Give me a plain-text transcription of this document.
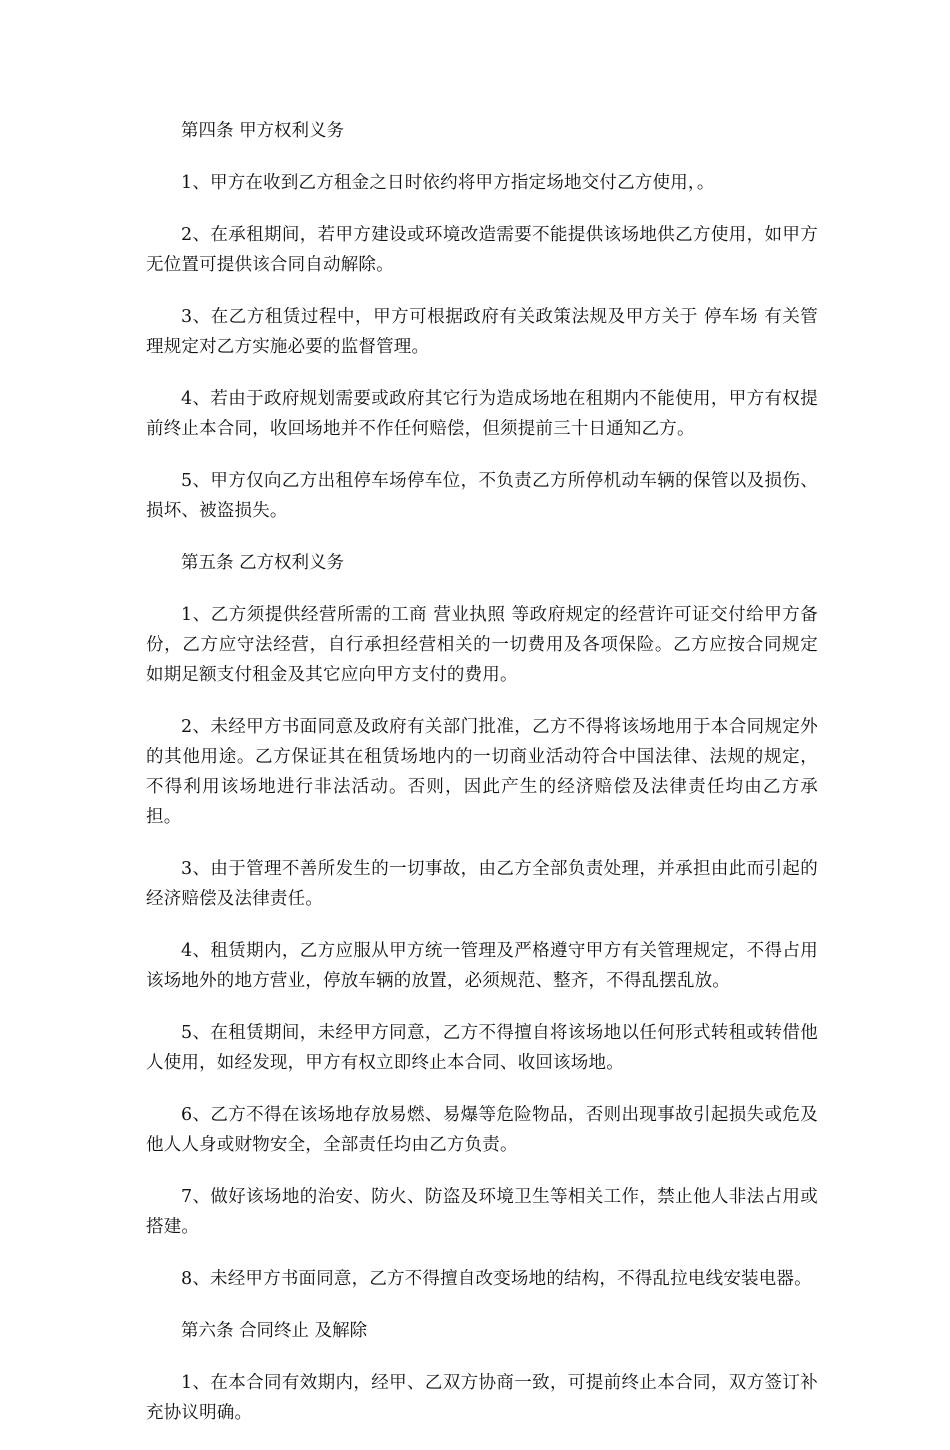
第四条 甲方权利义务

1、甲方在收到乙方租金之日时依约将甲方指定场地交付乙方使用，。

2、在承租期间，若甲方建设或环境改造需要不能提供该场地供乙方使用，如甲方无位置可提供该合同自动解除。

3、在乙方租赁过程中，甲方可根据政府有关政策法规及甲方关于 停车场 有关管理规定对乙方实施必要的监督管理。

4、若由于政府规划需要或政府其它行为造成场地在租期内不能使用，甲方有权提前终止本合同，收回场地并不作任何赔偿，但须提前三十日通知乙方。

5、甲方仅向乙方出租停车场停车位，不负责乙方所停机动车辆的保管以及损伤、损坏、被盗损失。

第五条 乙方权利义务

1、乙方须提供经营所需的工商 营业执照 等政府规定的经营许可证交付给甲方备份，乙方应守法经营，自行承担经营相关的一切费用及各项保险。乙方应按合同规定如期足额支付租金及其它应向甲方支付的费用。

2、未经甲方书面同意及政府有关部门批准，乙方不得将该场地用于本合同规定外的其他用途。乙方保证其在租赁场地内的一切商业活动符合中国法律、法规的规定，不得利用该场地进行非法活动。否则，因此产生的经济赔偿及法律责任均由乙方承担。

3、由于管理不善所发生的一切事故，由乙方全部负责处理，并承担由此而引起的经济赔偿及法律责任。

4、租赁期内，乙方应服从甲方统一管理及严格遵守甲方有关管理规定，不得占用该场地外的地方营业，停放车辆的放置，必须规范、整齐，不得乱摆乱放。

5、在租赁期间，未经甲方同意，乙方不得擅自将该场地以任何形式转租或转借他人使用，如经发现，甲方有权立即终止本合同、收回该场地。

6、乙方不得在该场地存放易燃、易爆等危险物品，否则出现事故引起损失或危及他人人身或财物安全，全部责任均由乙方负责。

7、做好该场地的治安、防火、防盗及环境卫生等相关工作，禁止他人非法占用或搭建。

8、未经甲方书面同意，乙方不得擅自改变场地的结构，不得乱拉电线安装电器。

第六条 合同终止 及解除

1、在本合同有效期内，经甲、乙双方协商一致，可提前终止本合同，双方签订补充协议明确。
